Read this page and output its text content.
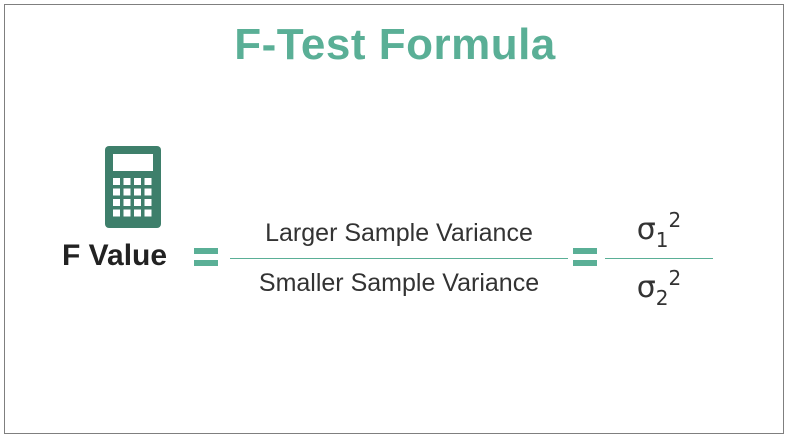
F-Test Formula
F Value
Larger Sample Variance
Smaller Sample Variance
$\sigma_1^2$
$\sigma_2^2$
